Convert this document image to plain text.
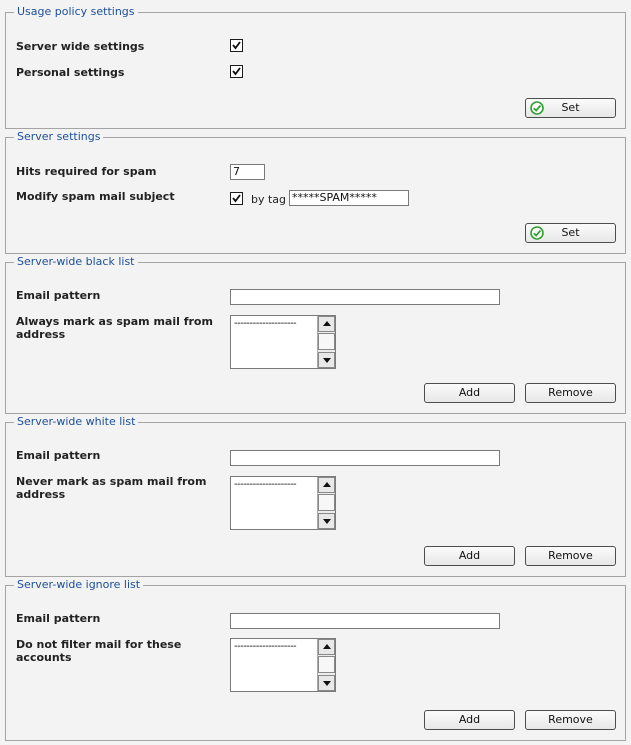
Usage policy settings
Server wide settings
Personal settings
Set
Server settings
Hits required for spam	7
Modify spam mail subject	by tag *****SPAM*****
Set
Server-wide black list
Email pattern
Always mark as spam mail from address
--------------------
Add	Remove
Server-wide white list
Email pattern
Never mark as spam mail from address
--------------------
Add	Remove
Server-wide ignore list
Email pattern
Do not filter mail for these accounts
--------------------
Add	Remove
